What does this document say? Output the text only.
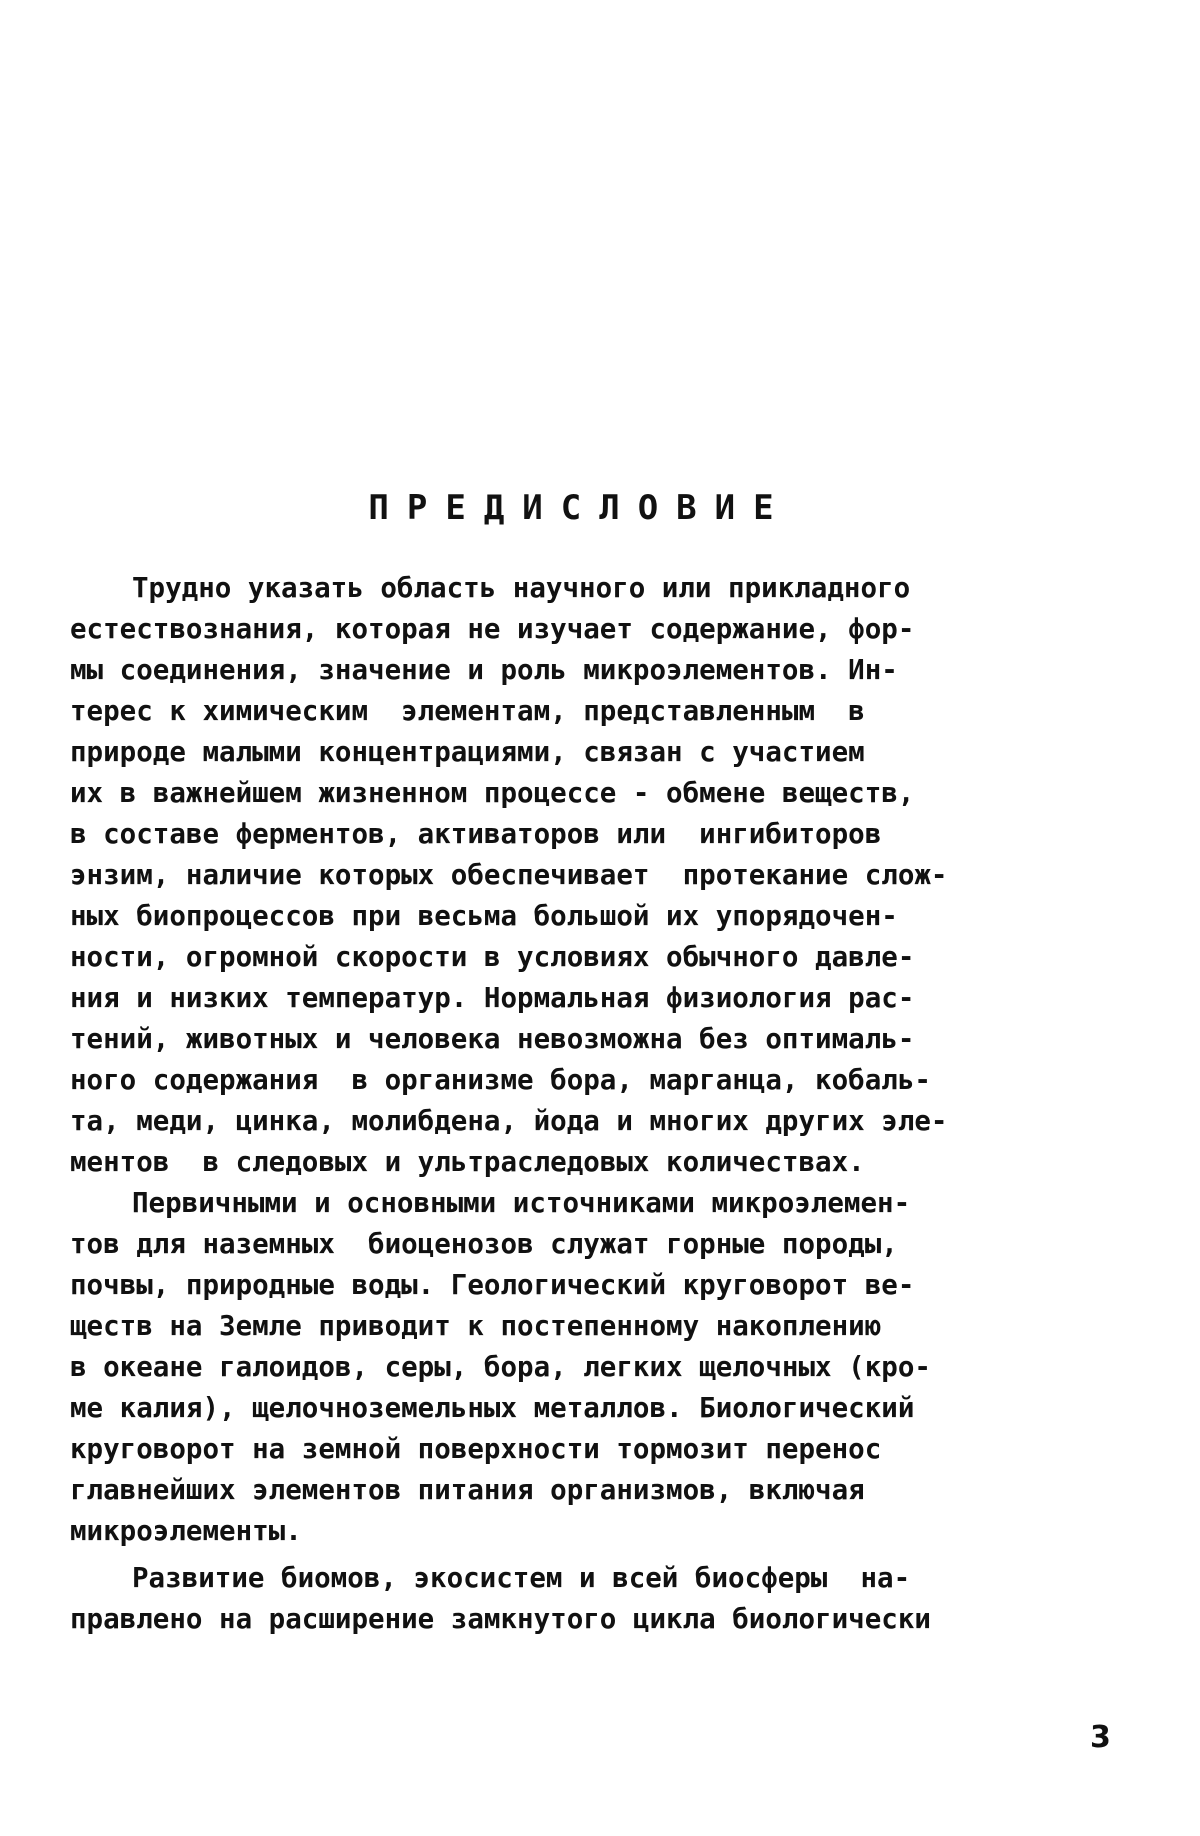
ПРЕДИСЛОВИЕ
Трудно указать область научного или прикладного
естествознания, которая не изучает содержание, фор-
мы соединения, значение и роль микроэлементов. Ин-
терес к химическим  элементам, представленным  в
природе малыми концентрациями, связан с участием
их в важнейшем жизненном процессе - обмене веществ,
в составе ферментов, активаторов или  ингибиторов
энзим, наличие которых обеспечивает  протекание слож-
ных биопроцессов при весьма большой их упорядочен-
ности, огромной скорости в условиях обычного давле-
ния и низких температур. Нормальная физиология рас-
тений, животных и человека невозможна без оптималь-
ного содержания  в организме бора, марганца, кобаль-
та, меди, цинка, молибдена, йода и многих других эле-
ментов  в следовых и ультраследовых количествах.
Первичными и основными источниками микроэлемен-
тов для наземных  биоценозов служат горные породы,
почвы, природные воды. Геологический круговорот ве-
ществ на Земле приводит к постепенному накоплению
в океане галоидов, серы, бора, легких щелочных (кро-
ме калия), щелочноземельных металлов. Биологический
круговорот на земной поверхности тормозит перенос
главнейших элементов питания организмов, включая
микроэлементы.
Развитие биомов, экосистем и всей биосферы  на-
правлено на расширение замкнутого цикла биологически
3
